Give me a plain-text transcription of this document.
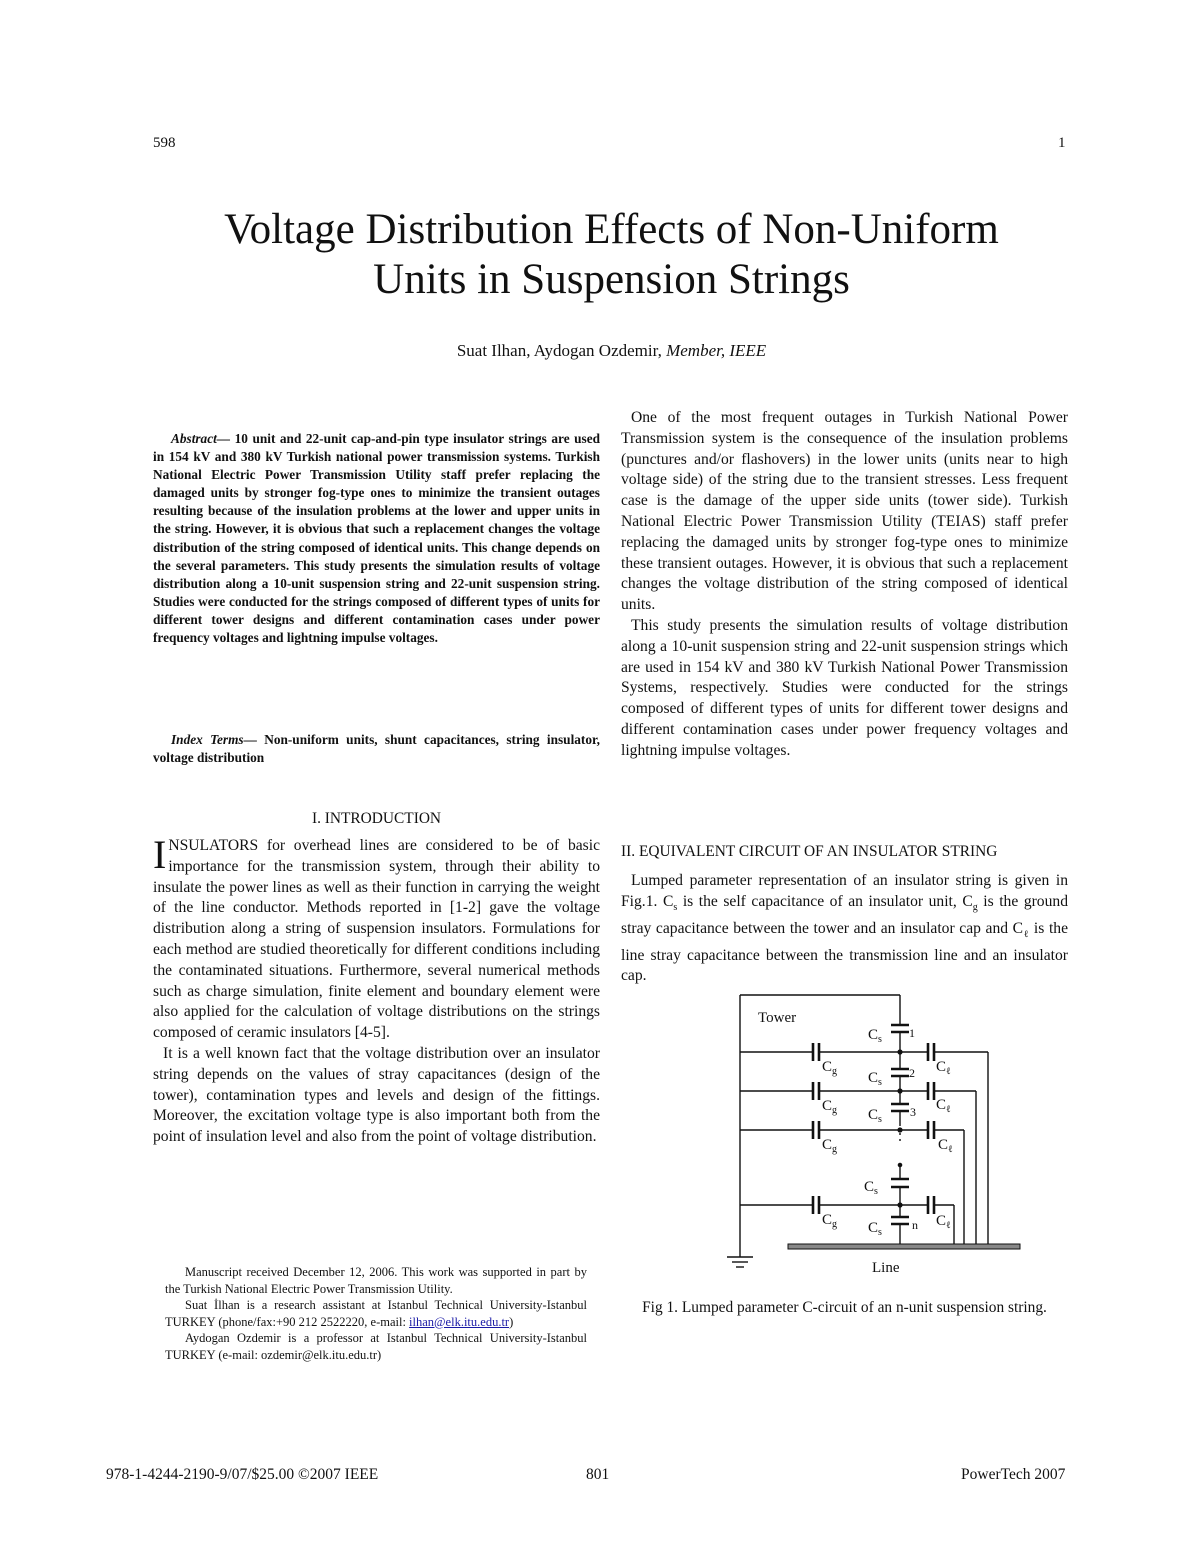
598	1
Voltage Distribution Effects of Non-Uniform
Units in Suspension Strings
Suat Ilhan, Aydogan Ozdemir, Member, IEEE
Abstract— 10 unit and 22-unit cap-and-pin type insulator strings are used in 154 kV and 380 kV Turkish national power transmission systems. Turkish National Electric Power Transmission Utility staff prefer replacing the damaged units by stronger fog-type ones to minimize the transient outages resulting because of the insulation problems at the lower and upper units in the string. However, it is obvious that such a replacement changes the voltage distribution of the string composed of identical units. This change depends on the several parameters. This study presents the simulation results of voltage distribution along a 10-unit suspension string and 22-unit suspension string. Studies were conducted for the strings composed of different types of units for different tower designs and different contamination cases under power frequency voltages and lightning impulse voltages.
Index Terms— Non-uniform units, shunt capacitances, string insulator, voltage distribution
I. INTRODUCTION

INSULATORS for overhead lines are considered to be of basic importance for the transmission system, through their ability to insulate the power lines as well as their function in carrying the weight of the line conductor. Methods reported in [1-2] gave the voltage distribution along a string of suspension insulators. Formulations for each method are studied theoretically for different conditions including the contaminated situations. Furthermore, several numerical methods such as charge simulation, finite element and boundary element were also applied for the calculation of voltage distributions on the strings composed of ceramic insulators [4-5].

It is a well known fact that the voltage distribution over an insulator string depends on the values of stray capacitances (design of the tower), contamination types and levels and design of the fittings. Moreover, the excitation voltage type is also important both from the point of insulation level and also from the point of voltage distribution.

Manuscript received December 12, 2006. This work was supported in part by the Turkish National Electric Power Transmission Utility.

Suat İlhan is a research assistant at Istanbul Technical University-Istanbul TURKEY (phone/fax:+90 212 2522220, e-mail: ilhan@elk.itu.edu.tr)

Aydogan Ozdemir is a professor at Istanbul Technical University-Istanbul TURKEY (e-mail: ozdemir@elk.itu.edu.tr)

One of the most frequent outages in Turkish National Power Transmission system is the consequence of the insulation problems (punctures and/or flashovers) in the lower units (units near to high voltage side) of the string due to the transient stresses. Less frequent case is the damage of the upper side units (tower side). Turkish National Electric Power Transmission Utility (TEIAS) staff prefer replacing the damaged units by stronger fog-type ones to minimize these transient outages. However, it is obvious that such a replacement changes the voltage distribution of the string composed of identical units.

This study presents the simulation results of voltage distribution along a 10-unit suspension string and 22-unit suspension strings which are used in 154 kV and 380 kV Turkish National Power Transmission Systems, respectively. Studies were conducted for the strings composed of different types of units for different tower designs and different contamination cases under power frequency voltages and lightning impulse voltages.

II. EQUIVALENT CIRCUIT OF AN INSULATOR STRING

Lumped parameter representation of an insulator string is given in Fig.1. $C_s$ is the self capacitance of an insulator unit, $C_g$ is the ground stray capacitance between the tower and an insulator cap and $C_\ell$ is the line stray capacitance between the transmission line and an insulator cap.

Tower
Line
$C_s$
$C_s$
$C_s$
$C_s$
$C_s$
$C_g$
$C_g$
$C_g$
$C_g$
$C_\ell$
$C_\ell$
$C_\ell$
$C_\ell$
1
2
3
n
Fig 1. Lumped parameter C-circuit of an n-unit suspension string.
978-1-4244-2190-9/07/$25.00 ©2007 IEEE	801	PowerTech 2007
